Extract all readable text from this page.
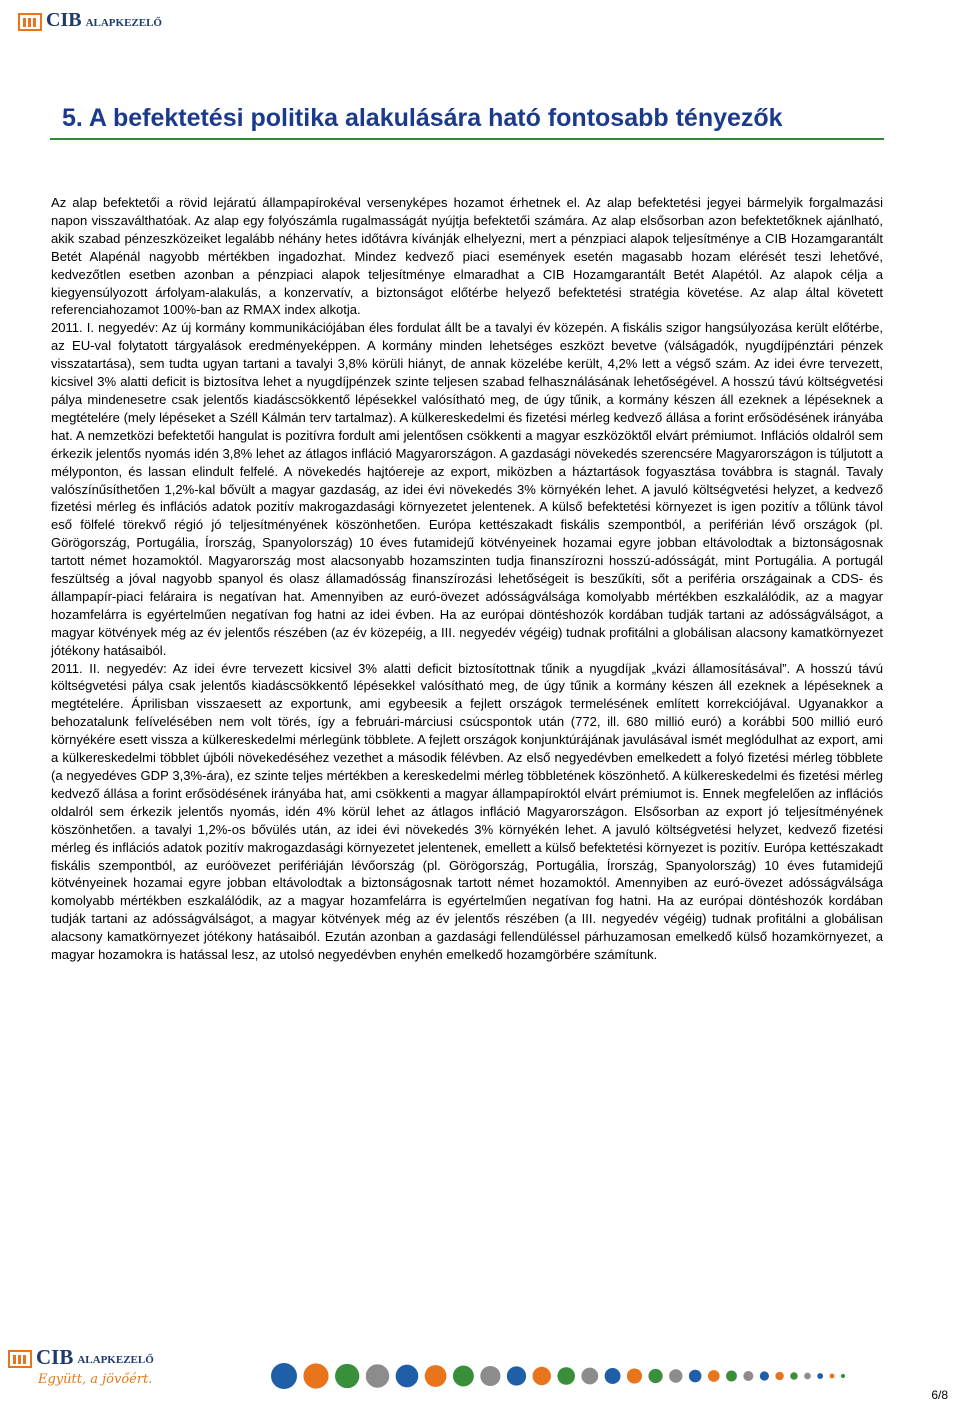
CIB ALAPKEZELŐ
5. A befektetési politika alakulására ható fontosabb tényezők

Az alap befektetői a rövid lejáratú állampapírokéval versenyképes hozamot érhetnek el. Az alap befektetési jegyei bármelyik forgalmazási napon visszaválthatóak. Az alap egy folyószámla rugalmasságát nyújtja befektetői számára. Az alap elsősorban azon befektetőknek ajánlható, akik szabad pénzeszközeiket legalább néhány hetes időtávra kívánják elhelyezni, mert a pénzpiaci alapok teljesítménye a CIB Hozamgarantált Betét Alapénál nagyobb mértékben ingadozhat. Mindez kedvező piaci események esetén magasabb hozam elérését teszi lehetővé, kedvezőtlen esetben azonban a pénzpiaci alapok teljesítménye elmaradhat a CIB Hozamgarantált Betét Alapétól. Az alapok célja a kiegyensúlyozott árfolyam-alakulás, a konzervatív, a biztonságot előtérbe helyező befektetési stratégia követése. Az alap által követett referenciahozamot 100%-ban az RMAX index alkotja.

2011. I. negyedév: Az új kormány kommunikációjában éles fordulat állt be a tavalyi év közepén. A fiskális szigor hangsúlyozása került előtérbe, az EU-val folytatott tárgyalások eredményeképpen. A kormány minden lehetséges eszközt bevetve (válságadók, nyugdíjpénztári pénzek visszatartása), sem tudta ugyan tartani a tavalyi 3,8% körüli hiányt, de annak közelébe került, 4,2% lett a végső szám. Az idei évre tervezett, kicsivel 3% alatti deficit is biztosítva lehet a nyugdíjpénzek szinte teljesen szabad felhasználásának lehetőségével. A hosszú távú költségvetési pálya mindenesetre csak jelentős kiadáscsökkentő lépésekkel valósítható meg, de úgy tűnik, a kormány készen áll ezeknek a lépéseknek a megtételére (mely lépéseket a Széll Kálmán terv tartalmaz). A külkereskedelmi és fizetési mérleg kedvező állása a forint erősödésének irányába hat. A nemzetközi befektetői hangulat is pozitívra fordult ami jelentősen csökkenti a magyar eszközöktől elvárt prémiumot. Inflációs oldalról sem érkezik jelentős nyomás idén 3,8% lehet az átlagos infláció Magyarországon. A gazdasági növekedés szerencsére Magyarországon is túljutott a mélyponton, és lassan elindult felfelé. A növekedés hajtóereje az export, miközben a háztartások fogyasztása továbbra is stagnál. Tavaly valószínűsíthetően 1,2%-kal bővült a magyar gazdaság, az idei évi növekedés 3% környékén lehet. A javuló költségvetési helyzet, a kedvező fizetési mérleg és inflációs adatok pozitív makrogazdasági környezetet jelentenek. A külső befektetési környezet is igen pozitív a tőlünk távol eső fölfelé törekvő régió jó teljesítményének köszönhetően. Európa kettészakadt fiskális szempontból, a periférián lévő országok (pl. Görögország, Portugália, Írország, Spanyolország) 10 éves futamidejű kötvényeinek hozamai egyre jobban eltávolodtak a biztonságosnak tartott német hozamoktól. Magyarország most alacsonyabb hozamszinten tudja finanszírozni hosszú-adósságát, mint Portugália. A portugál feszültség a jóval nagyobb spanyol és olasz államadósság finanszírozási lehetőségeit is beszűkíti, sőt a periféria országainak a CDS- és állampapír-piaci feláraira is negatívan hat. Amennyiben az euró-övezet adósságválsága komolyabb mértékben eszkalálódik, az a magyar hozamfelárra is egyértelműen negatívan fog hatni az idei évben. Ha az európai döntéshozók kordában tudják tartani az adósságválságot, a magyar kötvények még az év jelentős részében (az év közepéig, a III. negyedév végéig) tudnak profitálni a globálisan alacsony kamatkörnyezet jótékony hatásaiból.

2011. II. negyedév: Az idei évre tervezett kicsivel 3% alatti deficit biztosítottnak tűnik a nyugdíjak „kvázi államosításával”. A hosszú távú költségvetési pálya csak jelentős kiadáscsökkentő lépésekkel valósítható meg, de úgy tűnik a kormány készen áll ezeknek a lépéseknek a megtételére. Áprilisban visszaesett az exportunk, ami egybeesik a fejlett országok termelésének említett korrekciójával. Ugyanakkor a behozatalunk felívelésében nem volt törés, így a februári-márciusi csúcspontok után (772, ill. 680 millió euró) a korábbi 500 millió euró környékére esett vissza a külkereskedelmi mérlegünk többlete. A fejlett országok konjunktúrájának javulásával ismét meglódulhat az export, ami a külkereskedelmi többlet újbóli növekedéséhez vezethet a második félévben. Az első negyedévben emelkedett a folyó fizetési mérleg többlete (a negyedéves GDP 3,3%-ára), ez szinte teljes mértékben a kereskedelmi mérleg többletének köszönhető. A külkereskedelmi és fizetési mérleg kedvező állása a forint erősödésének irányába hat, ami csökkenti a magyar állampapíroktól elvárt prémiumot is. Ennek megfelelően az inflációs oldalról sem érkezik jelentős nyomás, idén 4% körül lehet az átlagos infláció Magyarországon. Elsősorban az export jó teljesítményének köszönhetően. a tavalyi 1,2%-os bővülés után, az idei évi növekedés 3% környékén lehet. A javuló költségvetési helyzet, kedvező fizetési mérleg és inflációs adatok pozitív makrogazdasági környezetet jelentenek, emellett a külső befektetési környezet is pozitív. Európa kettészakadt fiskális szempontból, az euróövezet perifériáján lévőország (pl. Görögország, Portugália, Írország, Spanyolország) 10 éves futamidejű kötvényeinek hozamai egyre jobban eltávolodtak a biztonságosnak tartott német hozamoktól. Amennyiben az euró-övezet adósságválsága komolyabb mértékben eszkalálódik, az a magyar hozamfelárra is egyértelműen negatívan fog hatni. Ha az európai döntéshozók kordában tudják tartani az adósságválságot, a magyar kötvények még az év jelentős részében (a III. negyedév végéig) tudnak profitálni a globálisan alacsony kamatkörnyezet jótékony hatásaiból. Ezután azonban a gazdasági fellendüléssel párhuzamosan emelkedő külső hozamkörnyezet, a magyar hozamokra is hatással lesz, az utolsó negyedévben enyhén emelkedő hozamgörbére számítunk.

CIB ALAPKEZELŐ
Együtt, a jövőért.
6/8
